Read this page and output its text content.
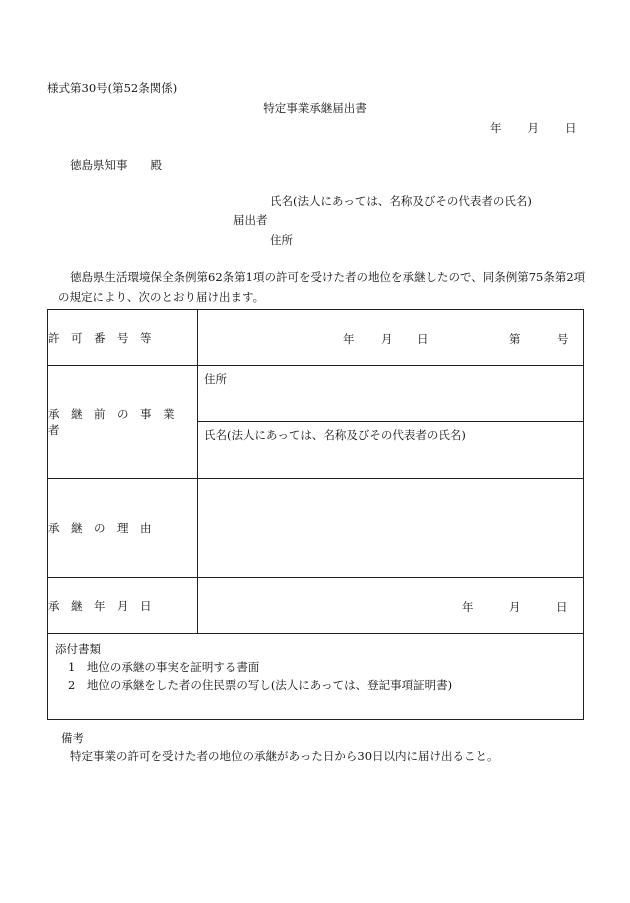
様式第30号(第52条関係)
特定事業承継届出書
年 月 日
徳島県知事　　殿
氏名(法人にあっては、名称及びその代表者の氏名)
届出者
住所
徳島県生活環境保全条例第62条第1項の許可を受けた者の地位を承継したので、同条例第75条第2項
の規定により、次のとおり届け出ます。
許　可　番　号　等	年 月 日 第 号

承　継　前　の　事　業　者	住所
	氏名(法人にあっては、名称及びその代表者の氏名)
承　継　の　理　由	
承　継　年　月　日	年 月 日

添付書類
1　地位の承継の事実を証明する書面
2　地位の承継をした者の住民票の写し(法人にあっては、登記事項証明書)	
備考
特定事業の許可を受けた者の地位の承継があった日から30日以内に届け出ること。
